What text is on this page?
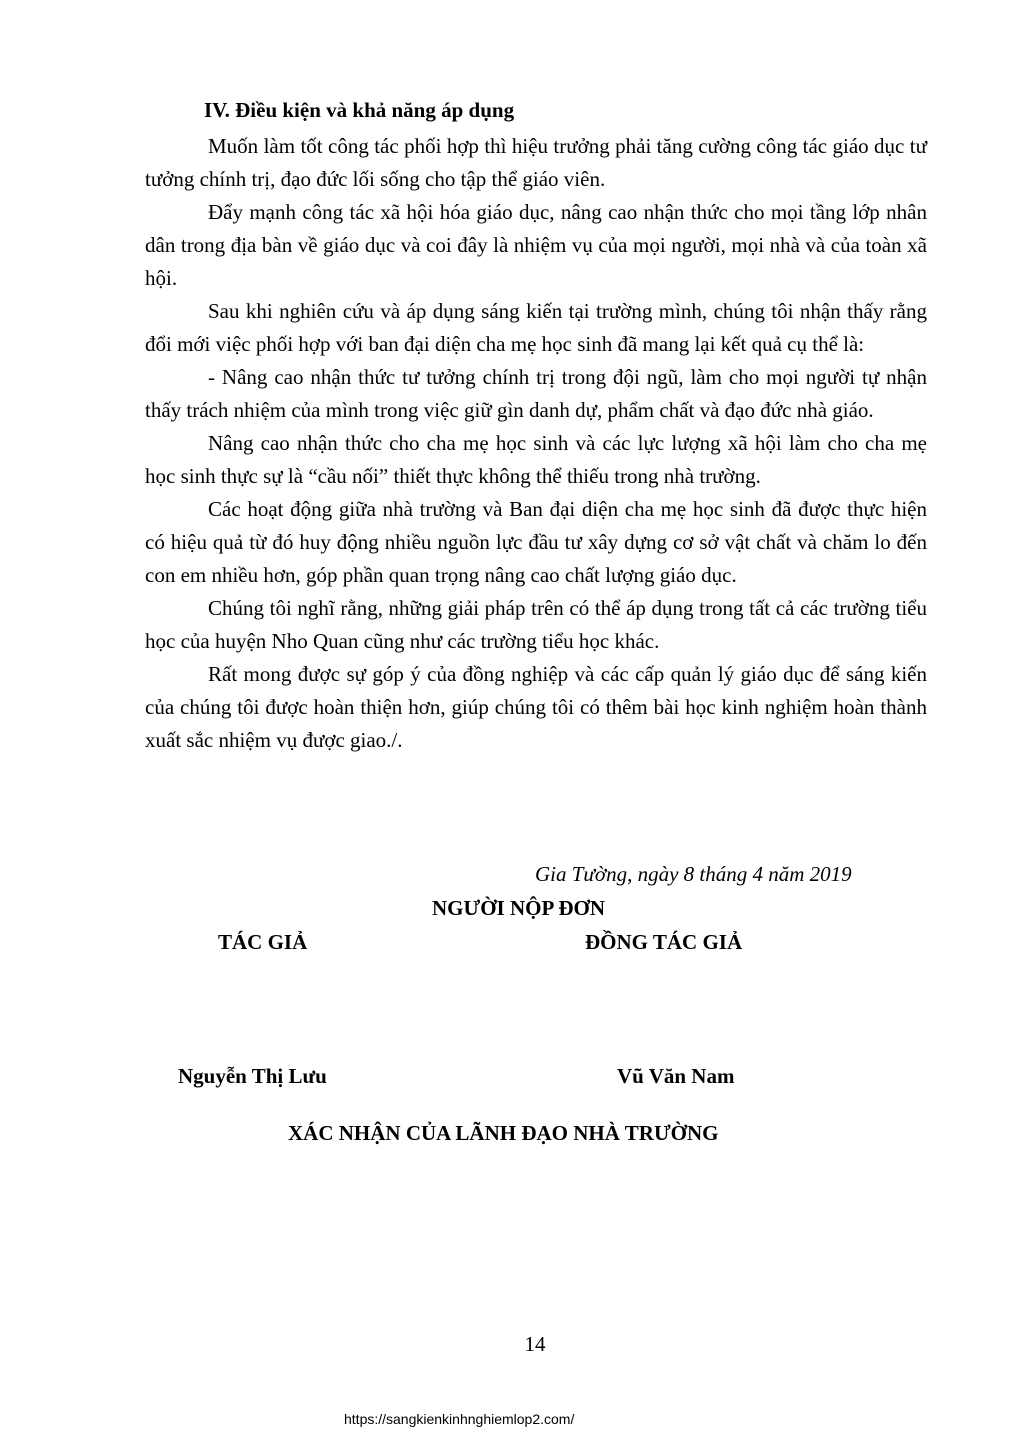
IV. Điều kiện và khả năng áp dụng

Muốn làm tốt công tác phối hợp thì hiệu trưởng phải tăng cường công tác giáo dục tư tưởng chính trị, đạo đức lối sống cho tập thể giáo viên.

Đẩy mạnh công tác xã hội hóa giáo dục, nâng cao nhận thức cho mọi tầng lớp nhân dân trong địa bàn về giáo dục và coi đây là nhiệm vụ của mọi người, mọi nhà và của toàn xã hội.

Sau khi nghiên cứu và áp dụng sáng kiến tại trường mình, chúng tôi nhận thấy rằng đổi mới việc phối hợp với ban đại diện cha mẹ học sinh đã mang lại kết quả cụ thể là:

- Nâng cao nhận thức tư tưởng chính trị trong đội ngũ, làm cho mọi người tự nhận thấy trách nhiệm của mình trong việc giữ gìn danh dự, phẩm chất và đạo đức nhà giáo.

Nâng cao nhận thức cho cha mẹ học sinh và các lực lượng xã hội làm cho cha mẹ học sinh thực sự là “cầu nối” thiết thực không thể thiếu trong nhà trường.

Các hoạt động giữa nhà trường và Ban đại diện cha mẹ học sinh đã được thực hiện có hiệu quả từ đó huy động nhiều nguồn lực đầu tư xây dựng cơ sở vật chất và chăm lo đến con em nhiều hơn, góp phần quan trọng nâng cao chất lượng giáo dục.

Chúng tôi nghĩ rằng, những giải pháp trên có thể áp dụng trong tất cả các trường tiểu học của huyện Nho Quan cũng như các trường tiểu học khác.

Rất mong được sự góp ý của đồng nghiệp và các cấp quản lý giáo dục để sáng kiến của chúng tôi được hoàn thiện hơn, giúp chúng tôi có thêm bài học kinh nghiệm hoàn thành xuất sắc nhiệm vụ được giao./.

Gia Tường, ngày 8 tháng 4 năm 2019
NGƯỜI NỘP ĐƠN
TÁC GIẢ	ĐỒNG TÁC GIẢ
Nguyễn Thị Lưu	Vũ Văn Nam
XÁC NHẬN CỦA LÃNH ĐẠO NHÀ TRƯỜNG
14
https://sangkienkinhnghiemlop2.com/
